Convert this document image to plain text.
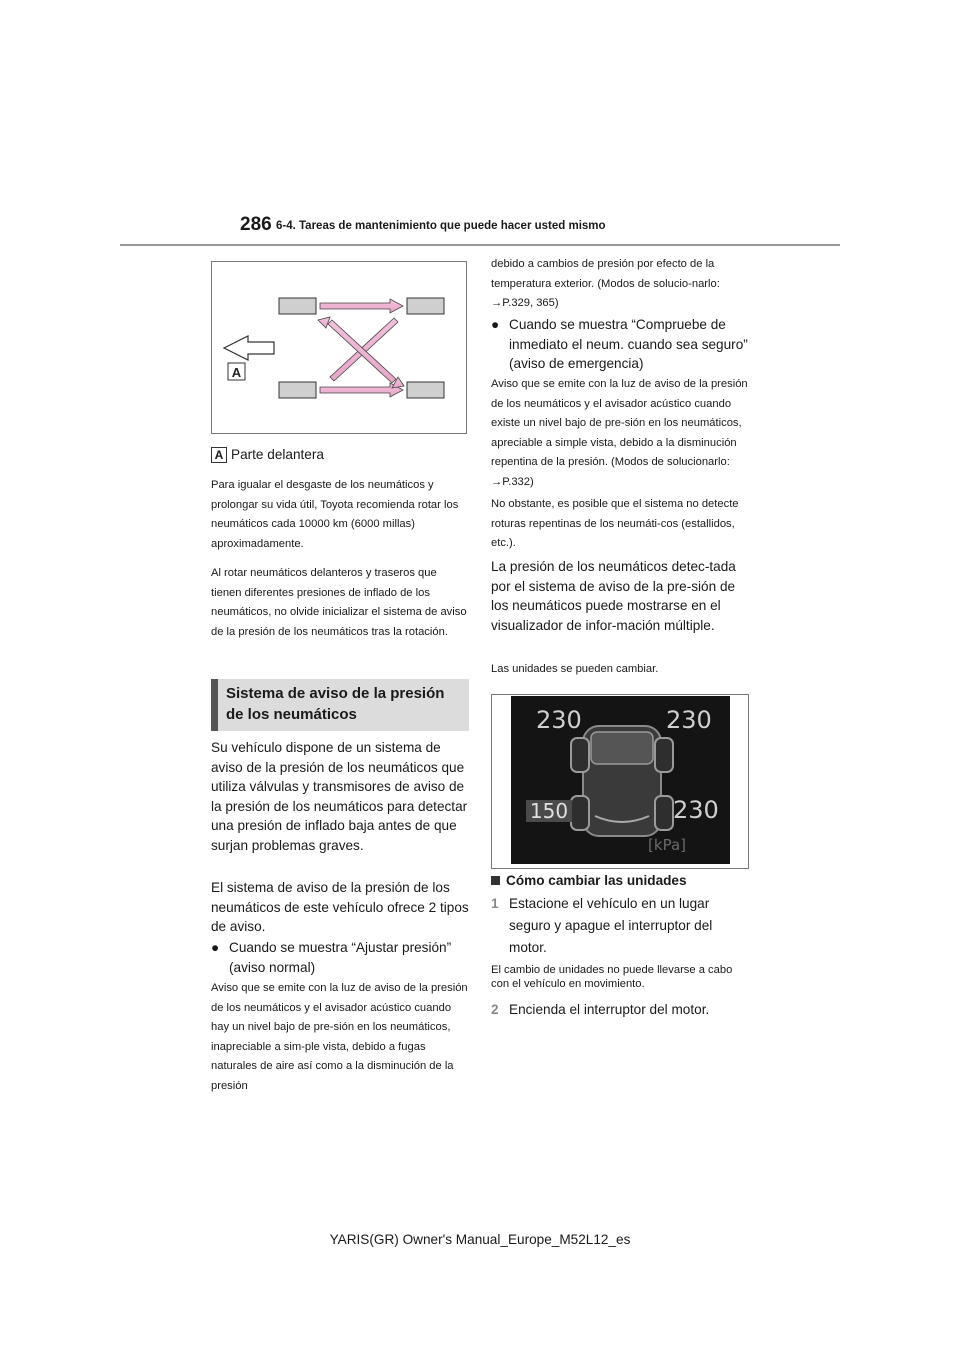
286 6-4. Tareas de mantenimiento que puede hacer usted mismo
A
A Parte delantera
Para igualar el desgaste de los neumáticos y prolongar su vida útil, Toyota recomienda rotar los neumáticos cada 10000 km (6000 millas) aproximadamente.
Al rotar neumáticos delanteros y traseros que tienen diferentes presiones de inflado de los neumáticos, no olvide inicializar el sistema de aviso de la presión de los neumáticos tras la rotación.
Sistema de aviso de la presión de los neumáticos
Su vehículo dispone de un sistema de aviso de la presión de los neumáticos que utiliza válvulas y transmisores de aviso de la presión de los neumáticos para detectar una presión de inflado baja antes de que surjan problemas graves.
El sistema de aviso de la presión de los neumáticos de este vehículo ofrece 2 tipos de aviso.
● Cuando se muestra “Ajustar presión” (aviso normal)
Aviso que se emite con la luz de aviso de la presión de los neumáticos y el avisador acústico cuando hay un nivel bajo de pre-sión en los neumáticos, inapreciable a sim-ple vista, debido a fugas naturales de aire así como a la disminución de la presión
debido a cambios de presión por efecto de la temperatura exterior. (Modos de solucio-narlo: →P.329, 365)
● Cuando se muestra “Compruebe de inmediato el neum. cuando sea seguro” (aviso de emergencia)
Aviso que se emite con la luz de aviso de la presión de los neumáticos y el avisador acústico cuando existe un nivel bajo de pre-sión en los neumáticos, apreciable a simple vista, debido a la disminución repentina de la presión. (Modos de solucionarlo: →P.332)
No obstante, es posible que el sistema no detecte roturas repentinas de los neumáti-cos (estallidos, etc.).
La presión de los neumáticos detec-tada por el sistema de aviso de la pre-sión de los neumáticos puede mostrarse en el visualizador de infor-mación múltiple.
Las unidades se pueden cambiar.
230	230
150	230
[kPa]
Cómo cambiar las unidades
1 Estacione el vehículo en un lugar seguro y apague el interruptor del motor.
El cambio de unidades no puede llevarse a cabo con el vehículo en movimiento.
2 Encienda el interruptor del motor.
YARIS(GR) Owner's Manual_Europe_M52L12_es
